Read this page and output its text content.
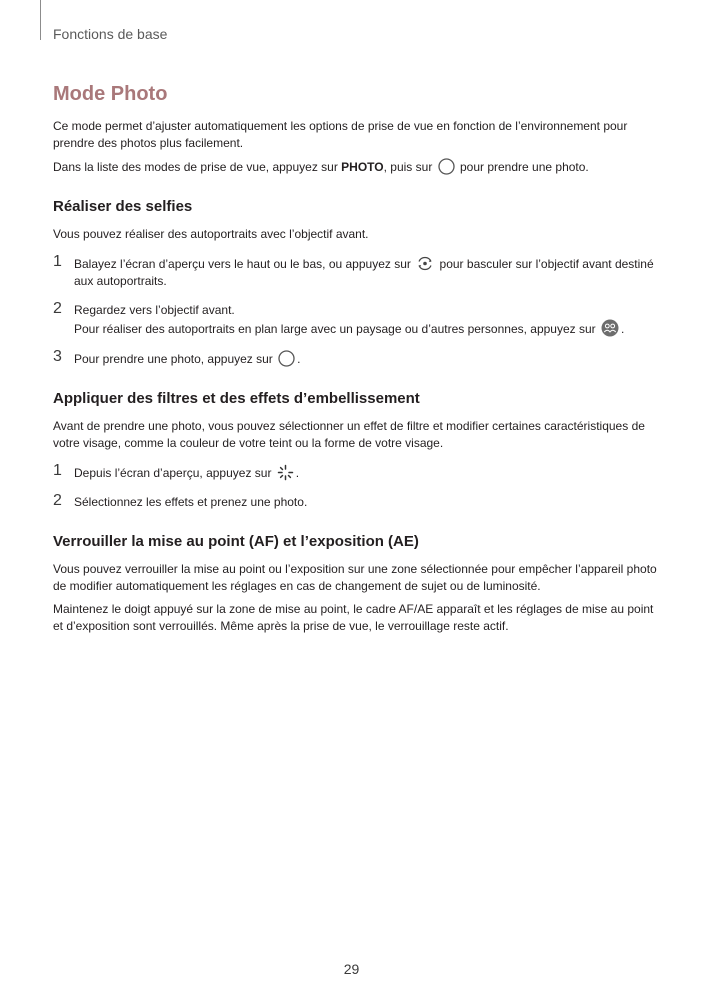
Fonctions de base
Mode Photo

Ce mode permet d’ajuster automatiquement les options de prise de vue en fonction de l’environnement pour prendre des photos plus facilement.

Dans la liste des modes de prise de vue, appuyez sur PHOTO, puis sur
pour prendre une photo.

Réaliser des selfies

Vous pouvez réaliser des autoportraits avec l’objectif avant.

1 Balayez l’écran d’aperçu vers le haut ou le bas, ou appuyez sur
pour basculer sur l’objectif avant destiné aux autoportraits.
2 Regardez vers l’objectif avant.
Pour réaliser des autoportraits en plan large avec un paysage ou d’autres personnes, appuyez sur
.
3 Pour prendre une photo, appuyez sur
.
Appliquer des filtres et des effets d’embellissement

Avant de prendre une photo, vous pouvez sélectionner un effet de filtre et modifier certaines caractéristiques de votre visage, comme la couleur de votre teint ou la forme de votre visage.

1 Depuis l’écran d’aperçu, appuyez sur
.
2 Sélectionnez les effets et prenez une photo.
Verrouiller la mise au point (AF) et l’exposition (AE)

Vous pouvez verrouiller la mise au point ou l’exposition sur une zone sélectionnée pour empêcher l’appareil photo de modifier automatiquement les réglages en cas de changement de sujet ou de luminosité.

Maintenez le doigt appuyé sur la zone de mise au point, le cadre AF/AE apparaît et les réglages de mise au point et d’exposition sont verrouillés. Même après la prise de vue, le verrouillage reste actif.

29
